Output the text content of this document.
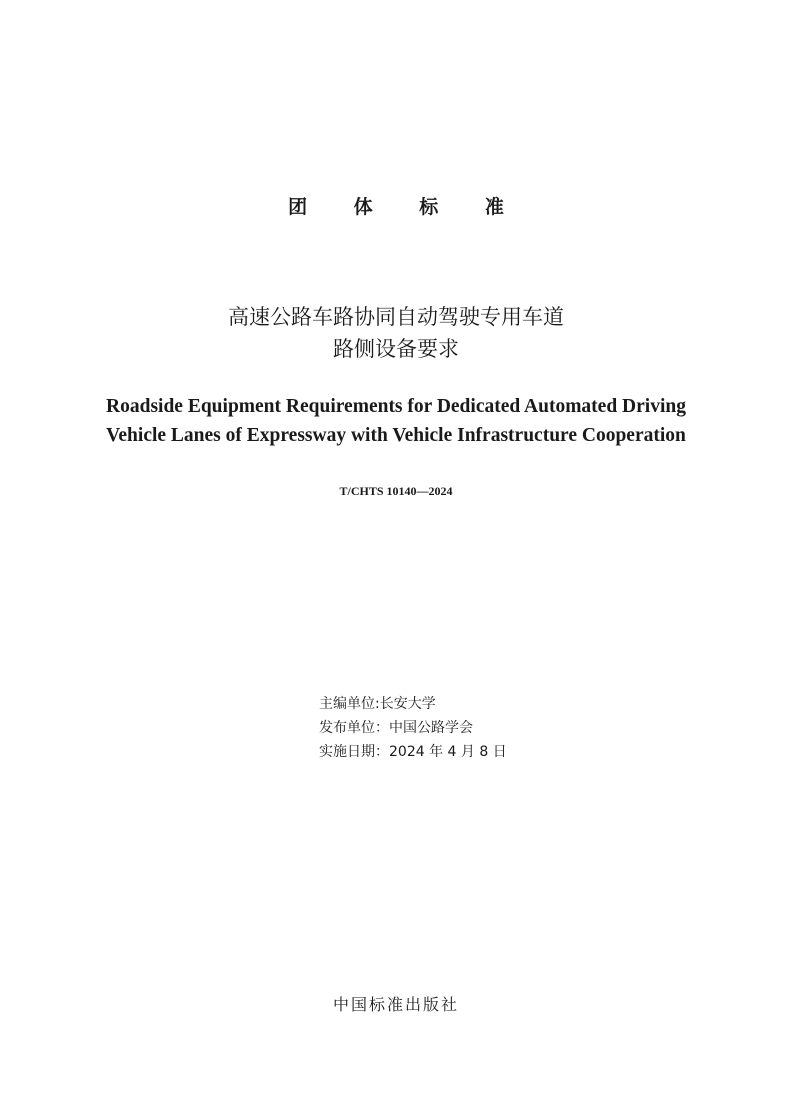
团 体 标 准
高速公路车路协同自动驾驶专用车道
路侧设备要求
Roadside Equipment Requirements for Dedicated Automated Driving
Vehicle Lanes of Expressway with Vehicle Infrastructure Cooperation
T/CHTS 10140—2024
主编单位:长安大学
发布单位：中国公路学会
实施日期：2024 年 4 月 8 日
中国标准出版社
